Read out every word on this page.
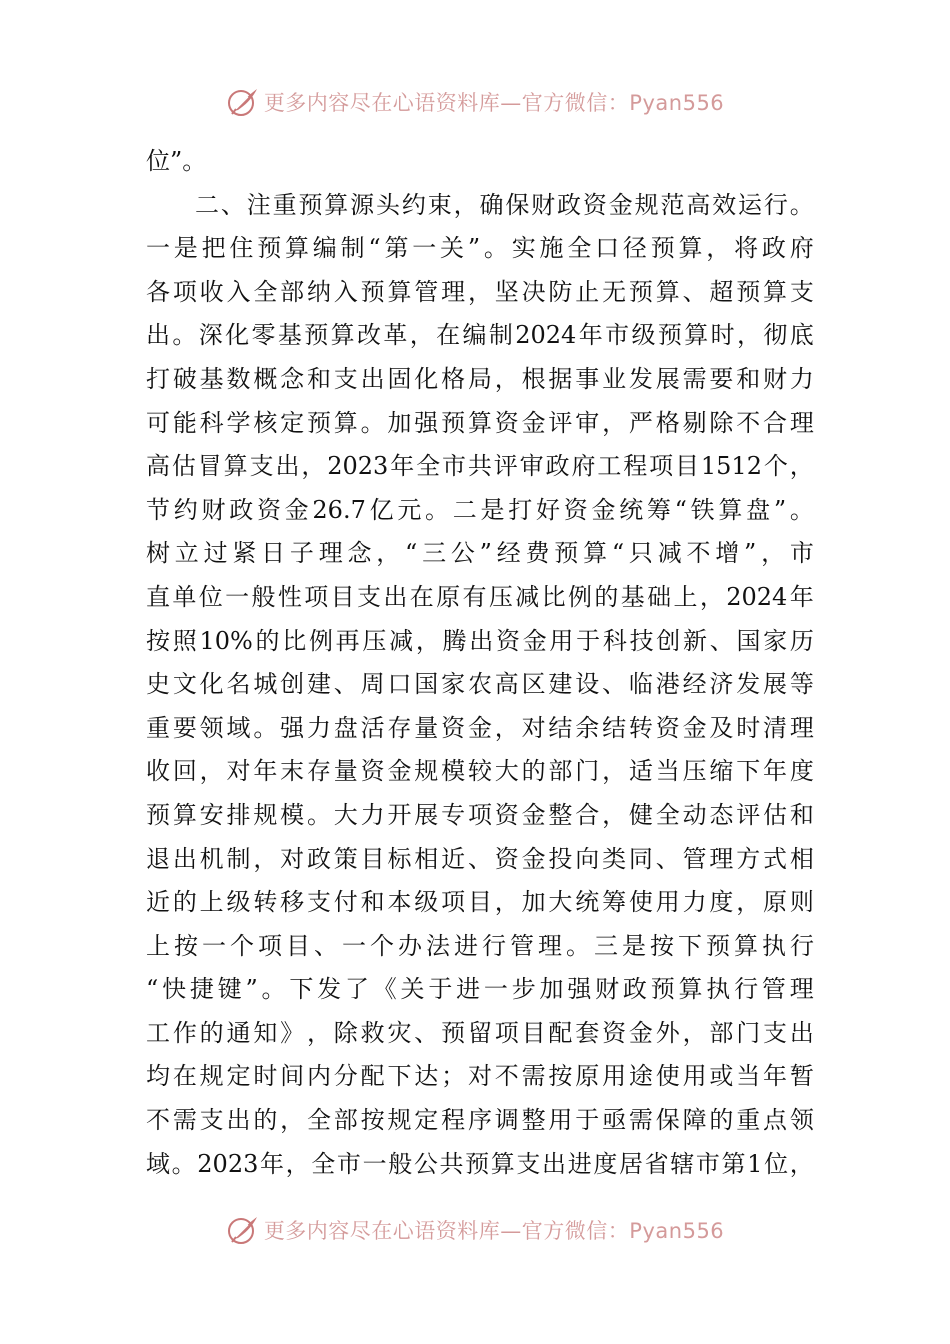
更多内容尽在心语资料库—官方微信：Pyan556
位”。
二 、 注 重 预 算 源 头 约 束 ， 确 保 财 政 资 金 规 范 高 效 运 行 。
一 是 把 住 预 算 编 制 “ 第 一 关 ” 。 实 施 全 口 径 预 算 ， 将 政 府
各 项 收 入 全 部 纳 入 预 算 管 理 ， 坚 决 防 止 无 预 算 、 超 预 算 支
出 。 深 化 零 基 预 算 改 革 ， 在 编 制 2024 年 市 级 预 算 时 ， 彻 底
打 破 基 数 概 念 和 支 出 固 化 格 局 ， 根 据 事 业 发 展 需 要 和 财 力
可 能 科 学 核 定 预 算 。 加 强 预 算 资 金 评 审 ， 严 格 剔 除 不 合 理
高 估 冒 算 支 出 ， 2023 年 全 市 共 评 审 政 府 工 程 项 目 1512 个 ，
节 约 财 政 资 金 26.7 亿 元 。 二 是 打 好 资 金 统 筹 “ 铁 算 盘 ” 。
树 立 过 紧 日 子 理 念 ， “ 三 公 ” 经 费 预 算 “ 只 减 不 增 ” ， 市
直 单 位 一 般 性 项 目 支 出 在 原 有 压 减 比 例 的 基 础 上 ， 2024 年
按 照 10% 的 比 例 再 压 减 ， 腾 出 资 金 用 于 科 技 创 新 、 国 家 历
史 文 化 名 城 创 建 、 周 口 国 家 农 高 区 建 设 、 临 港 经 济 发 展 等
重 要 领 域 。 强 力 盘 活 存 量 资 金 ， 对 结 余 结 转 资 金 及 时 清 理
收 回 ， 对 年 末 存 量 资 金 规 模 较 大 的 部 门 ， 适 当 压 缩 下 年 度
预 算 安 排 规 模 。 大 力 开 展 专 项 资 金 整 合 ， 健 全 动 态 评 估 和
退 出 机 制 ， 对 政 策 目 标 相 近 、 资 金 投 向 类 同 、 管 理 方 式 相
近 的 上 级 转 移 支 付 和 本 级 项 目 ， 加 大 统 筹 使 用 力 度 ， 原 则
上 按 一 个 项 目 、 一 个 办 法 进 行 管 理 。 三 是 按 下 预 算 执 行
“ 快 捷 键 ” 。 下 发 了 《 关 于 进 一 步 加 强 财 政 预 算 执 行 管 理
工 作 的 通 知 》 ， 除 救 灾 、 预 留 项 目 配 套 资 金 外 ， 部 门 支 出
均 在 规 定 时 间 内 分 配 下 达 ； 对 不 需 按 原 用 途 使 用 或 当 年 暂
不 需 支 出 的 ， 全 部 按 规 定 程 序 调 整 用 于 亟 需 保 障 的 重 点 领
域 。 2023 年 ， 全 市 一 般 公 共 预 算 支 出 进 度 居 省 辖 市 第 1 位 ，
更多内容尽在心语资料库—官方微信：Pyan556
